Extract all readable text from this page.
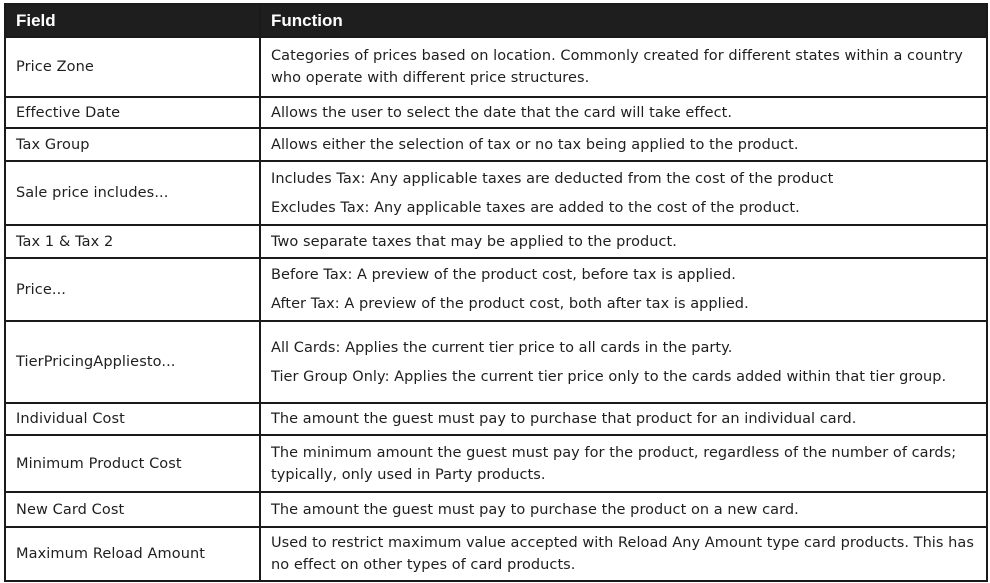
Field	Function
Price Zone	Categories of prices based on location. Commonly created for different states within a country who operate with different price structures.

Effective Date	Allows the user to select the date that the card will take effect.

Tax Group	Allows either the selection of tax or no tax being applied to the product.

Sale price includes...	Includes Tax: Any applicable taxes are deducted from the cost of the product
Excludes Tax: Any applicable taxes are added to the cost of the product.

Tax 1 & Tax 2	Two separate taxes that may be applied to the product.

Price...	Before Tax: A preview of the product cost, before tax is applied.
After Tax: A preview of the product cost, both after tax is applied.

TierPricingAppliesto...	All Cards: Applies the current tier price to all cards in the party.
Tier Group Only: Applies the current tier price only to the cards added within that tier group.

Individual Cost	The amount the guest must pay to purchase that product for an individual card.

Minimum Product Cost	The minimum amount the guest must pay for the product, regardless of the number of cards; typically, only used in Party products.

New Card Cost	The amount the guest must pay to purchase the product on a new card.

Maximum Reload Amount	Used to restrict maximum value accepted with Reload Any Amount type card products. This has no effect on other types of card products.
